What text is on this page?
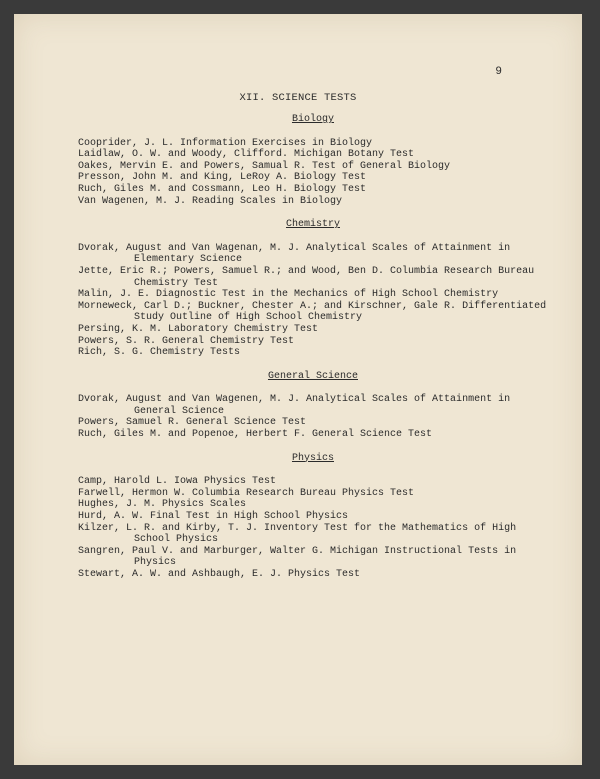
9
XII. SCIENCE TESTS
Biology
Cooprider, J. L. Information Exercises in Biology
Laidlaw, O. W. and Woody, Clifford. Michigan Botany Test
Oakes, Mervin E. and Powers, Samual R. Test of General Biology
Presson, John M. and King, LeRoy A. Biology Test
Ruch, Giles M. and Cossmann, Leo H. Biology Test
Van Wagenen, M. J. Reading Scales in Biology
Chemistry
Dvorak, August and Van Wagenan, M. J. Analytical Scales of Attainment in Elementary Science
Jette, Eric R.; Powers, Samuel R.; and Wood, Ben D. Columbia Research Bureau Chemistry Test
Malin, J. E. Diagnostic Test in the Mechanics of High School Chemistry
Morneweck, Carl D.; Buckner, Chester A.; and Kirschner, Gale R. Differentiated Study Outline of High School Chemistry
Persing, K. M. Laboratory Chemistry Test
Powers, S. R. General Chemistry Test
Rich, S. G. Chemistry Tests
General Science
Dvorak, August and Van Wagenen, M. J. Analytical Scales of Attainment in General Science
Powers, Samuel R. General Science Test
Ruch, Giles M. and Popenoe, Herbert F. General Science Test
Physics
Camp, Harold L. Iowa Physics Test
Farwell, Hermon W. Columbia Research Bureau Physics Test
Hughes, J. M. Physics Scales
Hurd, A. W. Final Test in High School Physics
Kilzer, L. R. and Kirby, T. J. Inventory Test for the Mathematics of High School Physics
Sangren, Paul V. and Marburger, Walter G. Michigan Instructional Tests in Physics
Stewart, A. W. and Ashbaugh, E. J. Physics Test
